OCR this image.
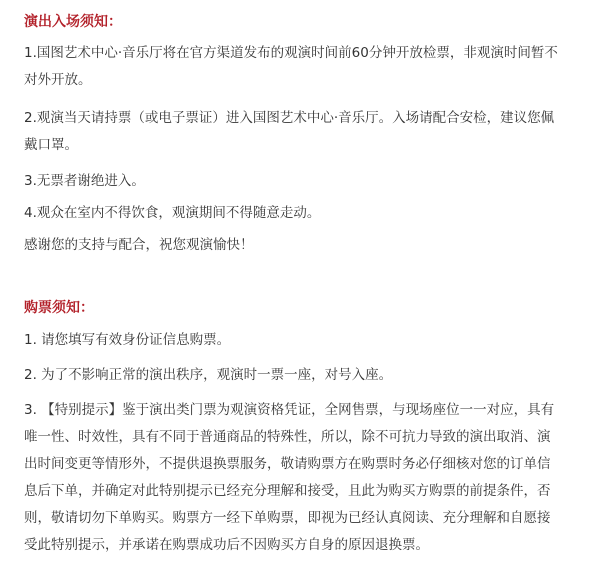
演出入场须知：
1.国图艺术中心·音乐厅将在官方渠道发布的观演时间前60分钟开放检票，非观演时间暂不
对外开放。
2.观演当天请持票（或电子票证）进入国图艺术中心·音乐厅。入场请配合安检，建议您佩
戴口罩。
3.无票者谢绝进入。
4.观众在室内不得饮食，观演期间不得随意走动。
感谢您的支持与配合，祝您观演愉快！
购票须知：
1. 请您填写有效身份证信息购票。
2. 为了不影响正常的演出秩序，观演时一票一座，对号入座。
3. 【特别提示】鉴于演出类门票为观演资格凭证，全网售票，与现场座位一一对应，具有
唯一性、时效性，具有不同于普通商品的特殊性，所以，除不可抗力导致的演出取消、演
出时间变更等情形外，不提供退换票服务，敬请购票方在购票时务必仔细核对您的订单信
息后下单，并确定对此特别提示已经充分理解和接受，且此为购买方购票的前提条件，否
则，敬请切勿下单购买。购票方一经下单购票，即视为已经认真阅读、充分理解和自愿接
受此特别提示，并承诺在购票成功后不因购买方自身的原因退换票。
